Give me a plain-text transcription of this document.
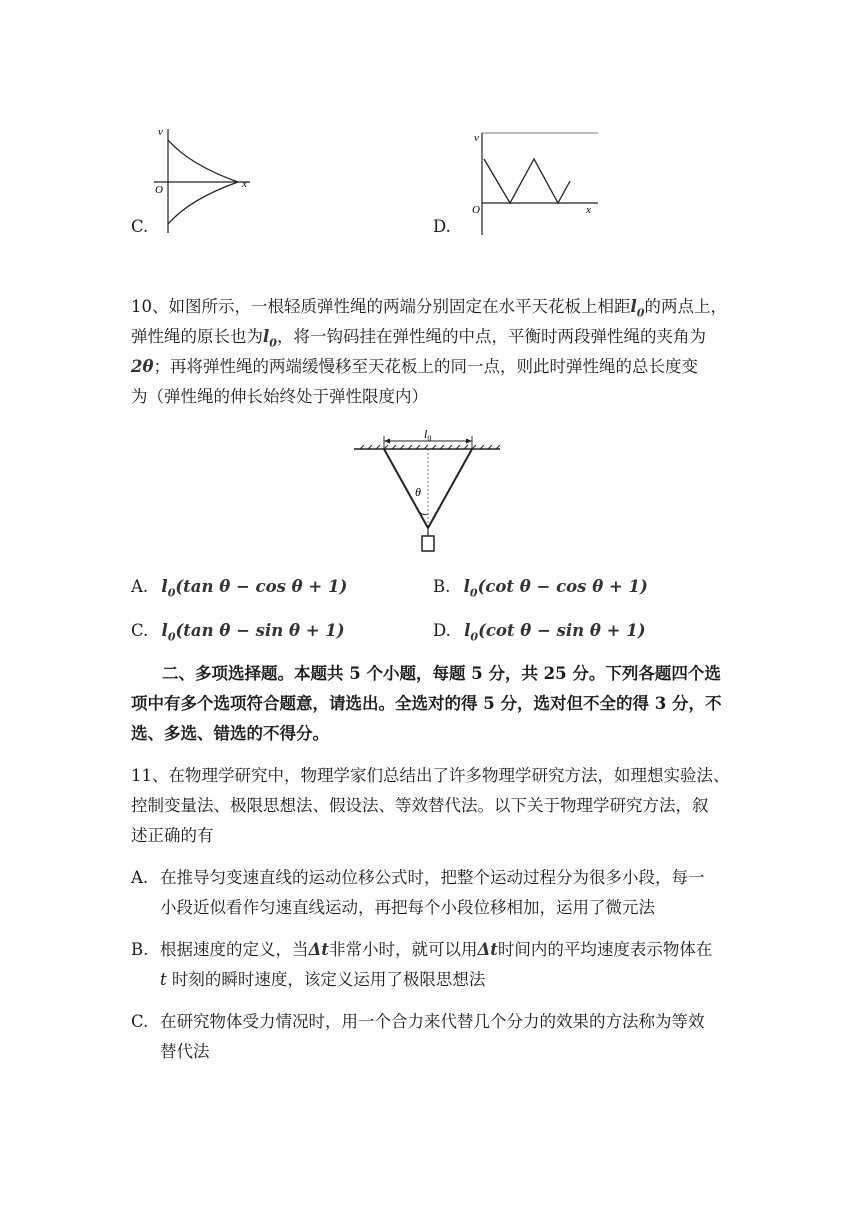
v
O	x
C.
v
O	x
D.
10、如图所示，一根轻质弹性绳的两端分别固定在水平天花板上相距$l_0$的两点上，
弹性绳的原长也为$l_0$，将一钩码挂在弹性绳的中点，平衡时两段弹性绳的夹角为
2θ；再将弹性绳的两端缓慢移至天花板上的同一点，则此时弹性绳的总长度变
为（弹性绳的伸长始终处于弹性限度内）
$l_0$
θ
A. $l_0(\tan$ θ − cos θ + 1)	B. $l_0(\cot$ θ − cos θ + 1)
C. $l_0(\tan$ θ − sin θ + 1)	D. $l_0(\cot$ θ − sin θ + 1)
二、多项选择题。本题共 5 个小题，每题 5 分，共 25 分。下列各题四个选
项中有多个选项符合题意，请选出。全选对的得 5 分，选对但不全的得 3 分，不
选、多选、错选的不得分。
11、在物理学研究中，物理学家们总结出了许多物理学研究方法，如理想实验法、
控制变量法、极限思想法、假设法、等效替代法。以下关于物理学研究方法，叙
述正确的有
A. 在推导匀变速直线的运动位移公式时，把整个运动过程分为很多小段，每一
小段近似看作匀速直线运动，再把每个小段位移相加，运用了微元法
B. 根据速度的定义，当Δt非常小时，就可以用Δt时间内的平均速度表示物体在
t 时刻的瞬时速度，该定义运用了极限思想法
C. 在研究物体受力情况时，用一个合力来代替几个分力的效果的方法称为等效
替代法
